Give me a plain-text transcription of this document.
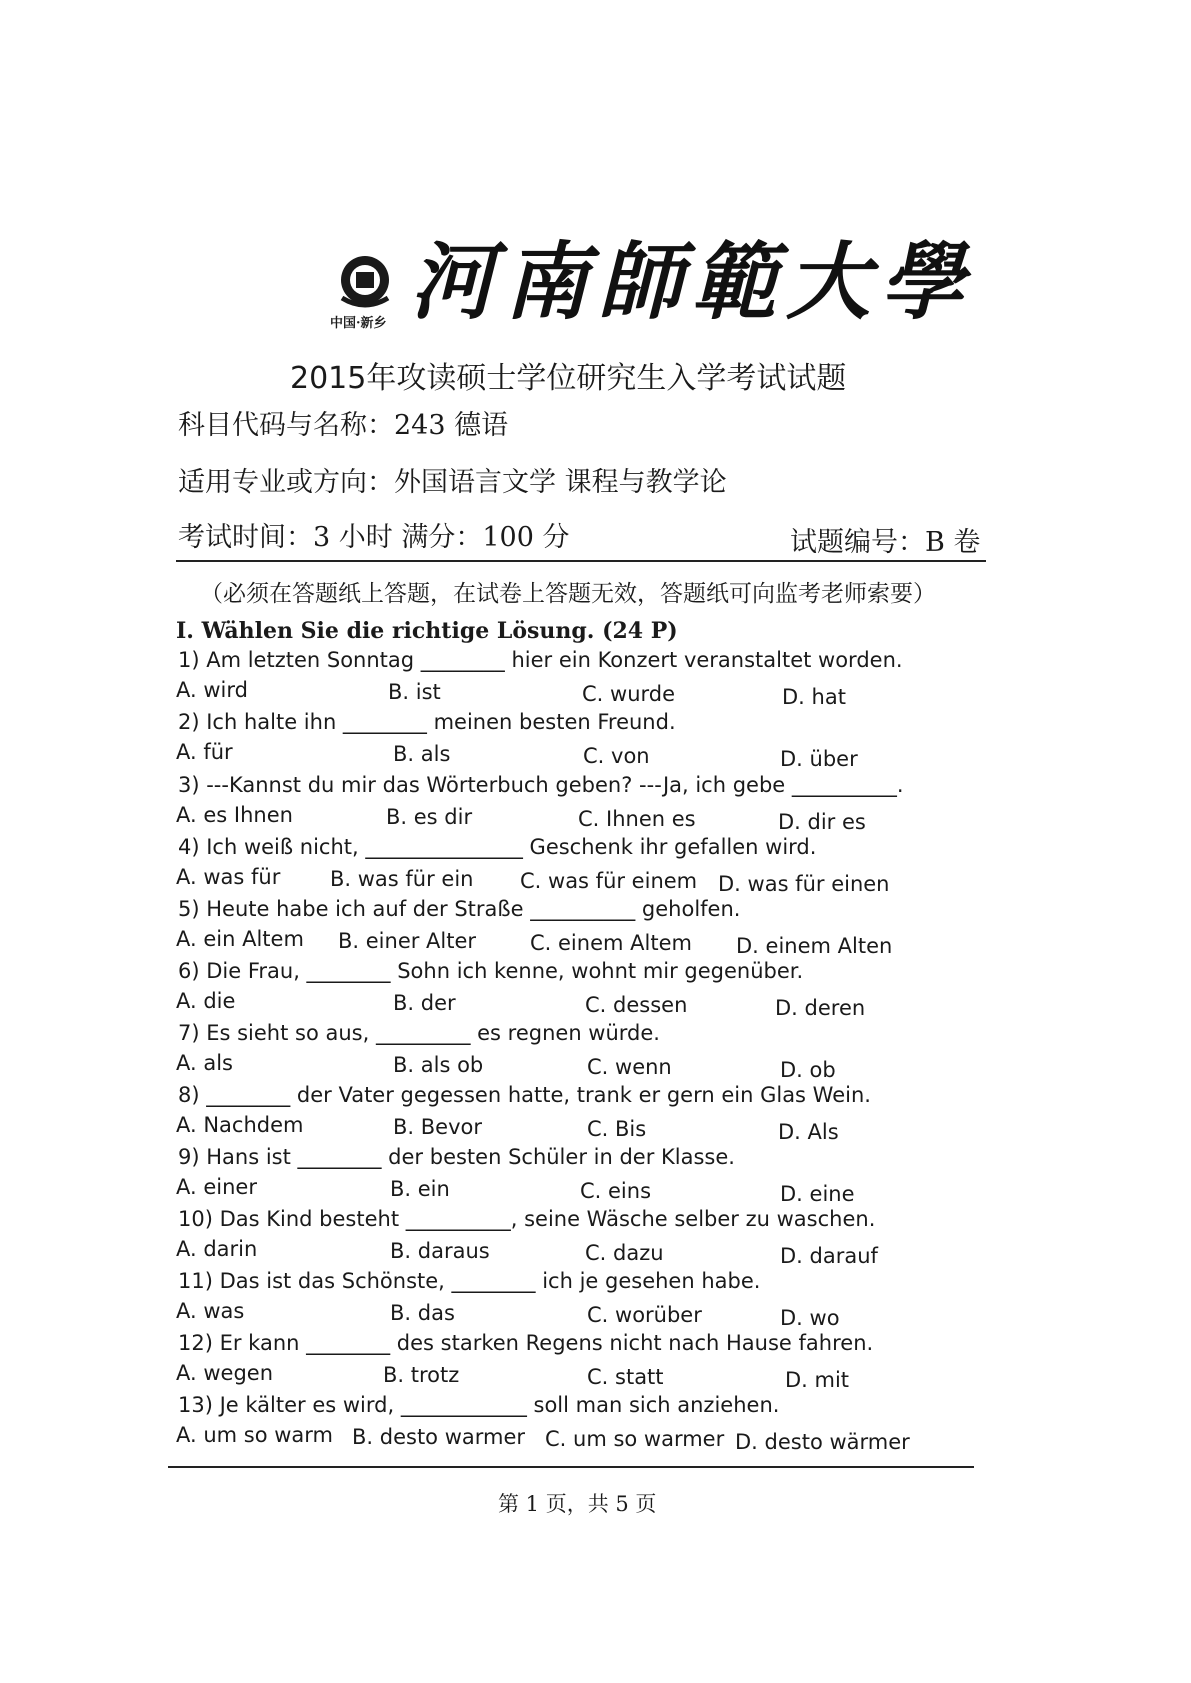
中国·新乡 河南師範大學
2015年攻读硕士学位研究生入学考试试题
科目代码与名称：243 德语
适用专业或方向：外国语言文学 课程与教学论
考试时间：3 小时 满分：100 分	试题编号：B 卷
（必须在答题纸上答题，在试卷上答题无效，答题纸可向监考老师索要）
I. Wählen Sie die richtige Lösung. (24 P)
1) Am letzten Sonntag ________ hier ein Konzert veranstaltet worden.
A. wird	B. ist	C. wurde	D. hat
2) Ich halte ihn ________ meinen besten Freund.
A. für	B. als	C. von	D. über
3) ---Kannst du mir das Wörterbuch geben? ---Ja, ich gebe __________.
A. es Ihnen	B. es dir	C. Ihnen es	D. dir es
4) Ich weiß nicht, _______________ Geschenk ihr gefallen wird.
A. was für B. was für ein C. was für einem D. was für einen
5) Heute habe ich auf der Straße __________ geholfen.
A. ein Altem B. einer Alter	C. einem Altem D. einem Alten
6) Die Frau, ________ Sohn ich kenne, wohnt mir gegenüber.
A. die	B. der	C. dessen	D. deren
7) Es sieht so aus, _________ es regnen würde.
A. als	B. als ob	C. wenn	D. ob
8) ________ der Vater gegessen hatte, trank er gern ein Glas Wein.
A. Nachdem	B. Bevor	C. Bis	D. Als
9) Hans ist ________ der besten Schüler in der Klasse.
A. einer	B. ein	C. eins	D. eine
10) Das Kind besteht __________, seine Wäsche selber zu waschen.
A. darin	B. daraus	C. dazu	D. darauf
11) Das ist das Schönste, ________ ich je gesehen habe.
A. was	B. das	C. worüber	D. wo
12) Er kann ________ des starken Regens nicht nach Hause fahren.
A. wegen	B. trotz	C. statt	D. mit
13) Je kälter es wird, ____________ soll man sich anziehen.
A. um so warm B. desto warmer C. um so warmer D. desto wärmer
第 1 页，共 5 页
